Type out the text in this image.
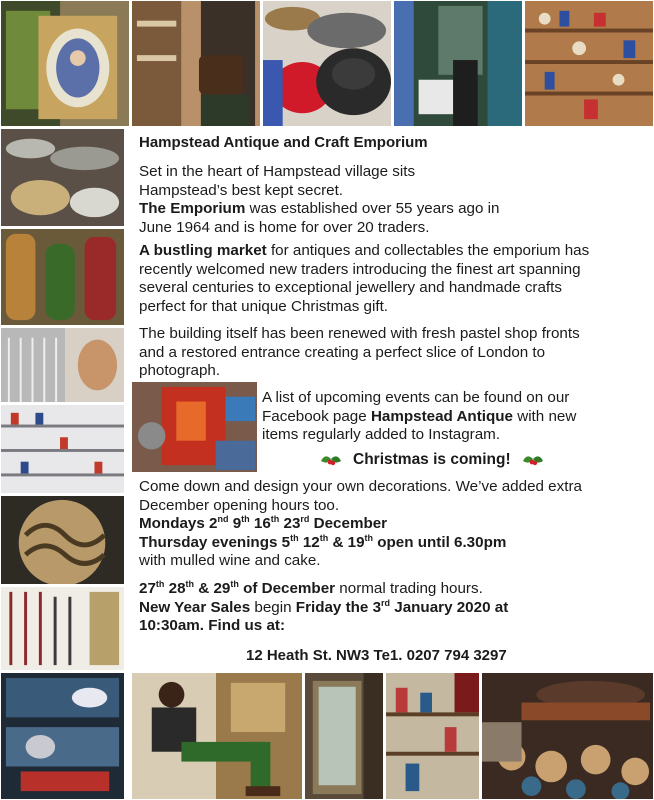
Hampstead Antique and Craft Emporium

Set in the heart of Hampstead village sits

Hampstead’s best kept secret.

The Emporium was established over 55 years ago in

June 1964 and is home for over 20 traders.

A bustling market for antiques and collectables the emporium has

recently welcomed new traders introducing the finest art spanning

several centuries to exceptional jewellery and handmade crafts

perfect for that unique Christmas gift.

The building itself has been renewed with fresh pastel shop fronts

and a restored entrance creating a perfect slice of London to

photograph.

A list of upcoming events can be found on our

Facebook page Hampstead Antique with new

items regularly added to Instagram.

Christmas is coming!

Come down and design your own decorations. We’ve added extra

December opening hours too.

Mondays 2nd 9th 16th 23rd December

Thursday evenings 5th 12th & 19th open until 6.30pm

with mulled wine and cake.

27th 28th & 29th of December normal trading hours.

New Year Sales begin Friday the 3rd January 2020 at

10:30am. Find us at:

12 Heath St. NW3 Te1. 0207 794 3297
